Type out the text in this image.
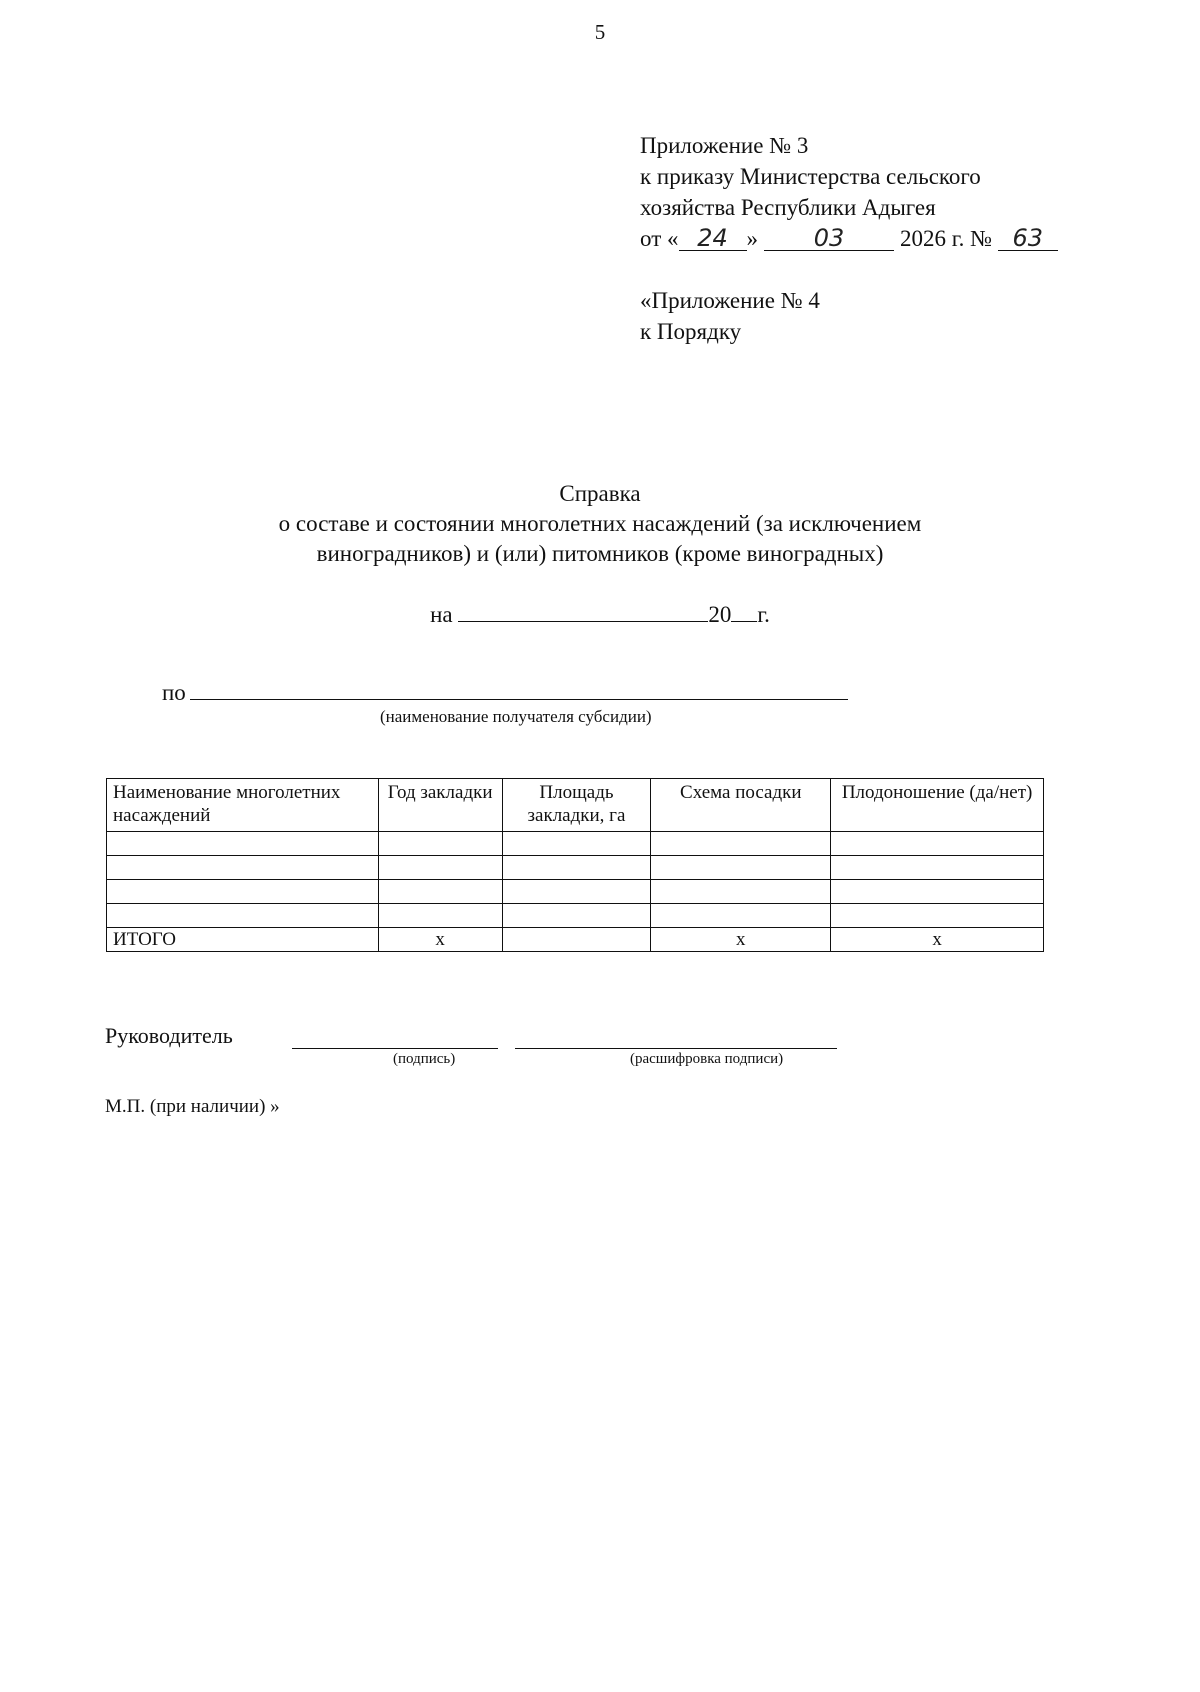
5
Приложение № 3
к приказу Министерства сельского
хозяйства Республики Адыгея
от « 24 » 03 2026 г. № 63
«Приложение № 4
к Порядку
Справка
о составе и состоянии многолетних насаждений (за исключением
виноградников) и (или) питомников (кроме виноградных)
на	20 г.
по
(наименование получателя субсидии)
Наименование многолетних насаждений	Год закладки	Площадь закладки, га	Схема посадки	Плодоношение (да/нет)

ИТОГО	х		х	х
Руководитель
(подпись)	(расшифровка подписи)
М.П. (при наличии) »
